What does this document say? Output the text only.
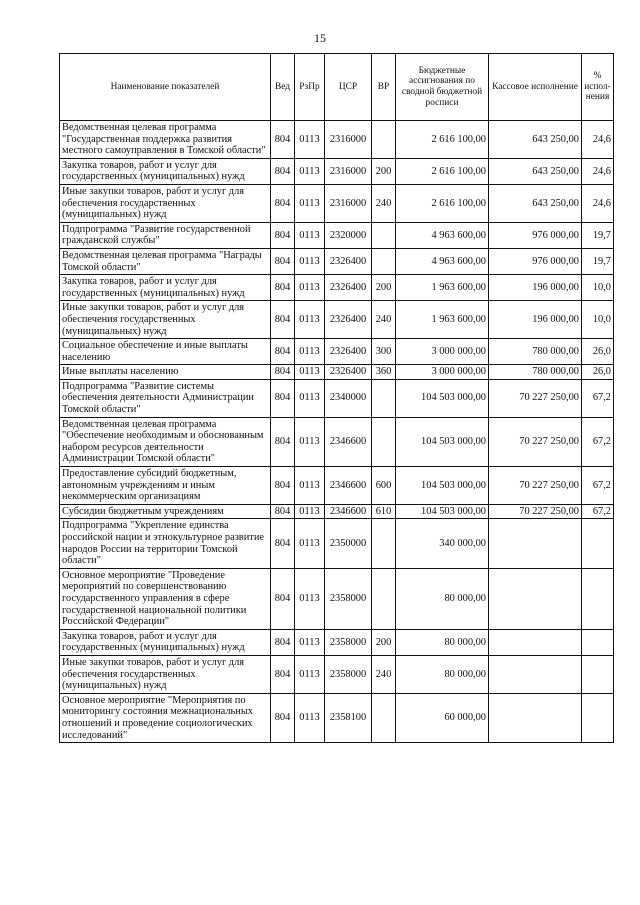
15
Наименование показателей	Вед	РзПр	ЦСР	ВР	Бюджетные ассигнования по сводной бюджетной росписи	Кассовое исполнение	% испол-нения
Ведомственная целевая программа "Государственная поддержка развития местного самоуправления в Томской области"	804	0113	2316000		2 616 100,00	643 250,00	24,6
Закупка товаров, работ и услуг для государственных (муниципальных) нужд	804	0113	2316000	200	2 616 100,00	643 250,00	24,6
Иные закупки товаров, работ и услуг для обеспечения государственных (муниципальных) нужд	804	0113	2316000	240	2 616 100,00	643 250,00	24,6
Подпрограмма "Развитие государственной гражданской службы"	804	0113	2320000		4 963 600,00	976 000,00	19,7
Ведомственная целевая программа "Награды Томской области"	804	0113	2326400		4 963 600,00	976 000,00	19,7
Закупка товаров, работ и услуг для государственных (муниципальных) нужд	804	0113	2326400	200	1 963 600,00	196 000,00	10,0
Иные закупки товаров, работ и услуг для обеспечения государственных (муниципальных) нужд	804	0113	2326400	240	1 963 600,00	196 000,00	10,0
Социальное обеспечение и иные выплаты населению	804	0113	2326400	300	3 000 000,00	780 000,00	26,0
Иные выплаты населению	804	0113	2326400	360	3 000 000,00	780 000,00	26,0
Подпрограмма "Развитие системы обеспечения деятельности Администрации Томской области"	804	0113	2340000		104 503 000,00	70 227 250,00	67,2
Ведомственная целевая программа "Обеспечение необходимым и обоснованным набором ресурсов деятельности Администрации Томской области"	804	0113	2346600		104 503 000,00	70 227 250,00	67,2
Предоставление субсидий бюджетным, автономным учреждениям и иным некоммерческим организациям	804	0113	2346600	600	104 503 000,00	70 227 250,00	67,2
Субсидии бюджетным учреждениям	804	0113	2346600	610	104 503 000,00	70 227 250,00	67,2
Подпрограмма "Укрепление единства российской нации и этнокультурное развитие народов России на территории Томской области"	804	0113	2350000		340 000,00		
Основное мероприятие "Проведение мероприятий по совершенствованию государственного управления в сфере государственной национальной политики Российской Федерации"	804	0113	2358000		80 000,00		
Закупка товаров, работ и услуг для государственных (муниципальных) нужд	804	0113	2358000	200	80 000,00		
Иные закупки товаров, работ и услуг для обеспечения государственных (муниципальных) нужд	804	0113	2358000	240	80 000,00		
Основное мероприятие "Мероприятия по мониторингу состояния межнациональных отношений и проведение социологических исследований"	804	0113	2358100		60 000,00		
